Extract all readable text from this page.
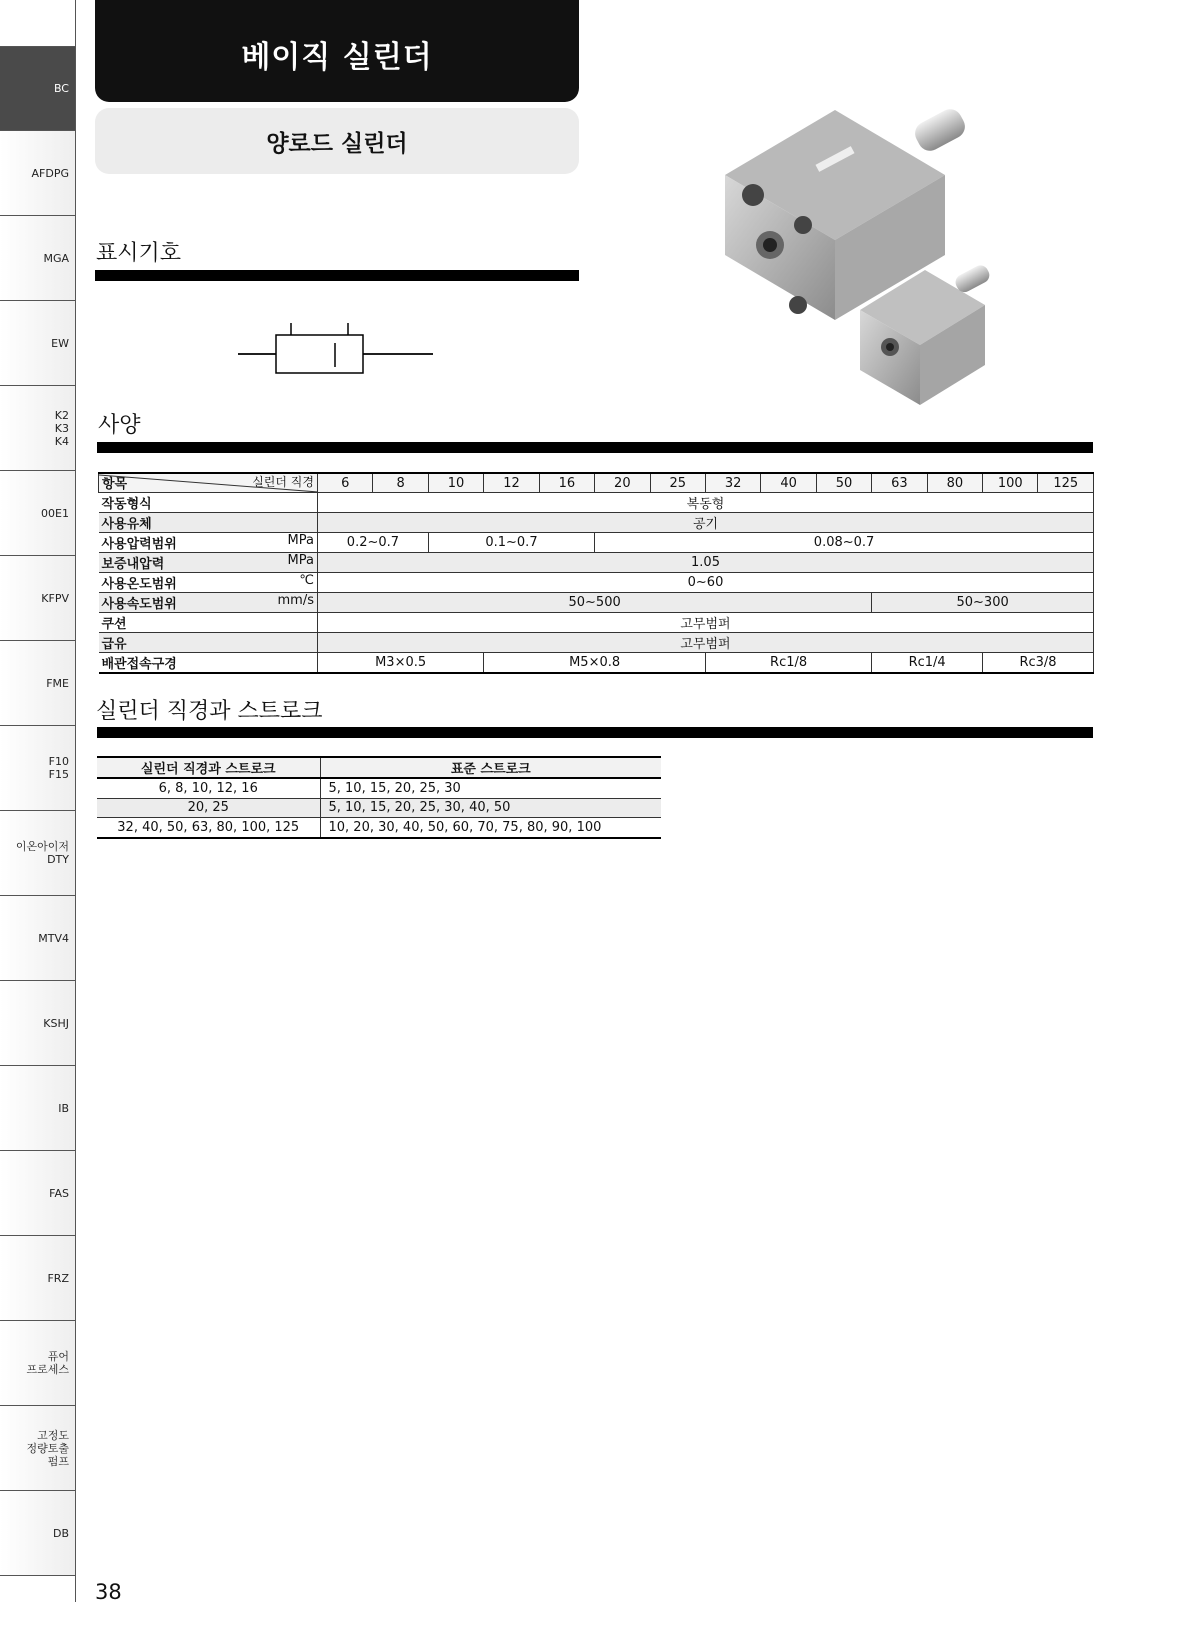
BC
AFDPG
MGA
EW
K2
K3
K4
00E1
KFPV
FME
F10
F15
이온아이저
DTY
MTV4
KSHJ
IB
FAS
FRZ
퓨어
프로세스
고정도
정량토출
펌프
DB
베이직 실린더
양로드 실린더
표시기호
사양
항목 실린더 직경	6	8	10	12	16	20	25	32	40	50	63	80	100	125
작동형식	복동형													
사용유체	공기													
사용압력범위 MPa	0.2~0.7		0.1~0.7			0.08~0.7								
보증내압력 MPa	1.05													
사용온도범위 ℃	0~60													
사용속도범위 mm/s	50~500										50~300			
쿠션	고무범퍼													
급유	고무범퍼													
배관접속구경	M3×0.5			M5×0.8				Rc1/8			Rc1/4		Rc3/8	
실린더 직경과 스트로크
실린더 직경과 스트로크	표준 스트로크
6, 8, 10, 12, 16	5, 10, 15, 20, 25, 30
20, 25	5, 10, 15, 20, 25, 30, 40, 50
32, 40, 50, 63, 80, 100, 125	10, 20, 30, 40, 50, 60, 70, 75, 80, 90, 100
38
